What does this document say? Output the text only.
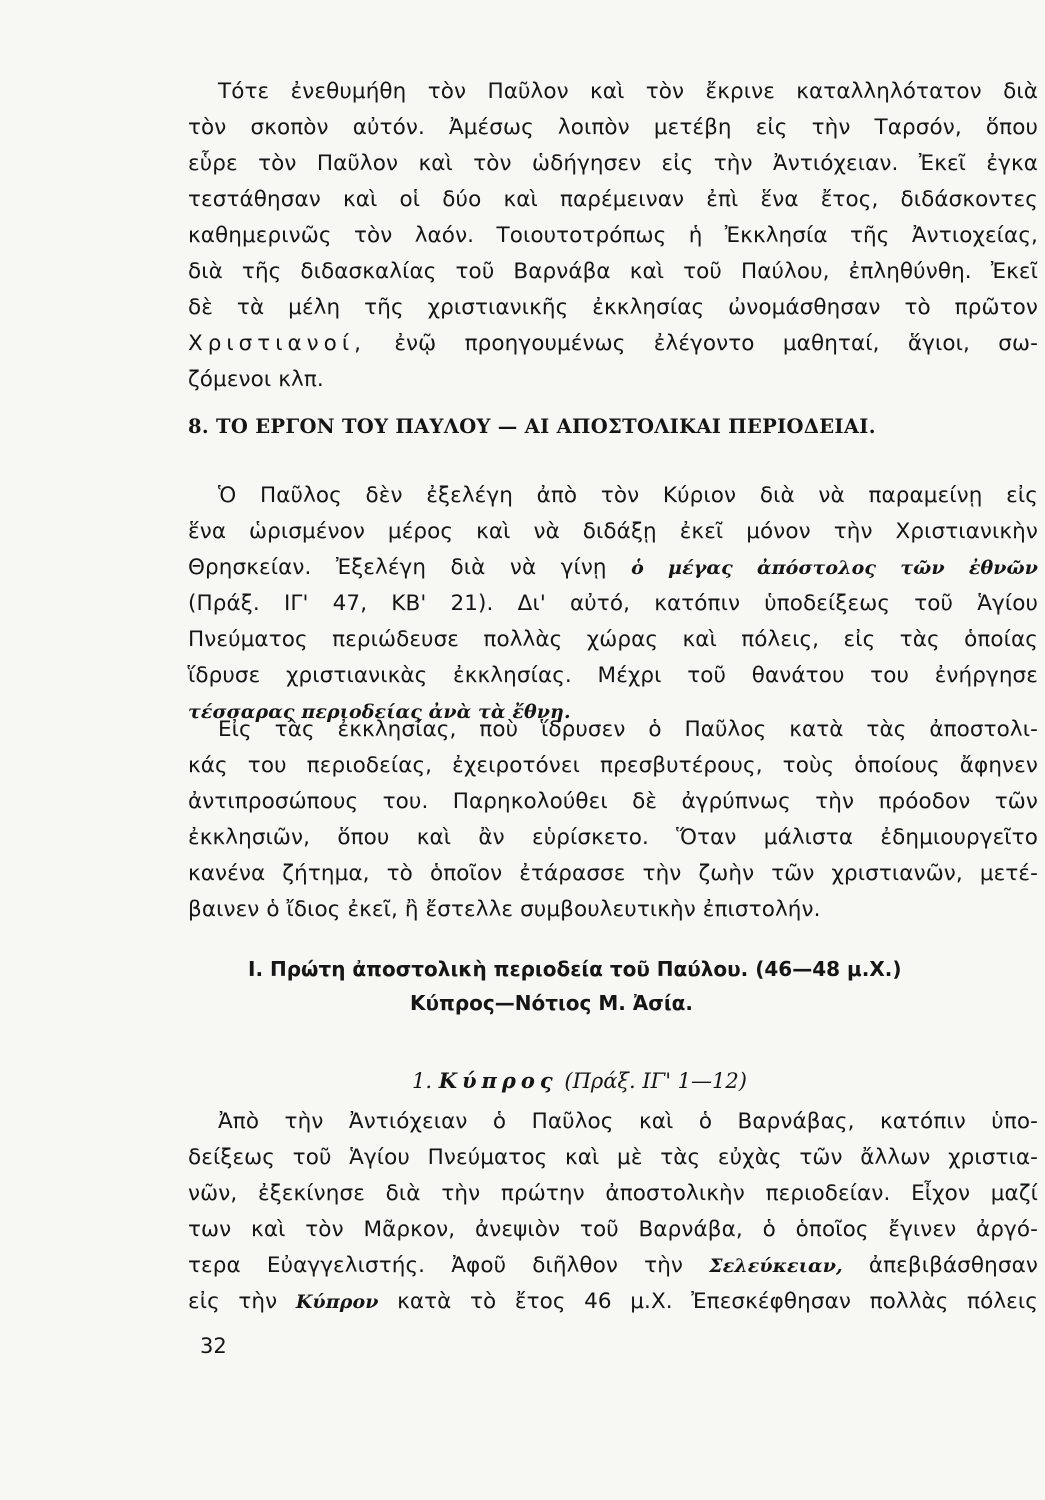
Τότε ἐνεθυμήθη τὸν Παῦλον καὶ τὸν ἔκρινε καταλληλότατον διὰ
τὸν σκοπὸν αὐτόν. Ἀμέσως λοιπὸν μετέβη εἰς τὴν Ταρσόν, ὅπου
εὗρε τὸν Παῦλον καὶ τὸν ὡδήγησεν εἰς τὴν Ἀντιόχειαν. Ἐκεῖ ἐγκα
τεστάθησαν καὶ οἱ δύο καὶ παρέμειναν ἐπὶ ἕνα ἔτος, διδάσκοντες
καθημερινῶς τὸν λαόν. Τοιουτοτρόπως ἡ Ἐκκλησία τῆς Ἀντιοχείας,
διὰ τῆς διδασκαλίας τοῦ Βαρνάβα καὶ τοῦ Παύλου, ἐπληθύνθη. Ἐκεῖ
δὲ τὰ μέλη τῆς χριστιανικῆς ἐκκλησίας ὠνομάσθησαν τὸ πρῶτον
Χριστιανοί, ἐνῷ προηγουμένως ἐλέγοντο μαθηταί, ἅγιοι, σω-
ζόμενοι κλπ.
8. ΤΟ ΕΡΓΟΝ ΤΟΥ ΠΑΥΛΟΥ — ΑΙ ΑΠΟΣΤΟΛΙΚΑΙ ΠΕΡΙΟΔΕΙΑΙ.
Ὁ Παῦλος δὲν ἐξελέγη ἀπὸ τὸν Κύριον διὰ νὰ παραμείνῃ εἰς
ἕνα ὡρισμένον μέρος καὶ νὰ διδάξῃ ἐκεῖ μόνον τὴν Χριστιανικὴν
Θρησκείαν. Ἐξελέγη διὰ νὰ γίνῃ ὁ μέγας ἀπόστολος τῶν ἐθνῶν
(Πράξ. ΙΓ' 47, ΚΒ' 21). Δι' αὐτό, κατόπιν ὑποδείξεως τοῦ Ἁγίου
Πνεύματος περιώδευσε πολλὰς χώρας καὶ πόλεις, εἰς τὰς ὁποίας
ἵδρυσε χριστιανικὰς ἐκκλησίας. Μέχρι τοῦ θανάτου του ἐνήργησε
τέσσαρας περιοδείας ἀνὰ τὰ ἔθνη.
Εἰς τὰς ἐκκλησίας, ποὺ ἵδρυσεν ὁ Παῦλος κατὰ τὰς ἀποστολι-
κάς του περιοδείας, ἐχειροτόνει πρεσβυτέρους, τοὺς ὁποίους ἄφηνεν
ἀντιπροσώπους του. Παρηκολούθει δὲ ἀγρύπνως τὴν πρόοδον τῶν
ἐκκλησιῶν, ὅπου καὶ ἂν εὑρίσκετο. Ὅταν μάλιστα ἐδημιουργεῖτο
κανένα ζήτημα, τὸ ὁποῖον ἐτάρασσε τὴν ζωὴν τῶν χριστιανῶν, μετέ-
βαινεν ὁ ἴδιος ἐκεῖ, ἢ ἔστελλε συμβουλευτικὴν ἐπιστολήν.
Ι. Πρώτη ἀποστολικὴ περιοδεία τοῦ Παύλου. (46—48 μ.Χ.)
Κύπρος—Νότιος Μ. Ἀσία.
1. Κύπρος (Πράξ. ΙΓ' 1—12)
Ἀπὸ τὴν Ἀντιόχειαν ὁ Παῦλος καὶ ὁ Βαρνάβας, κατόπιν ὑπο-
δείξεως τοῦ Ἁγίου Πνεύματος καὶ μὲ τὰς εὐχὰς τῶν ἄλλων χριστια-
νῶν, ἐξεκίνησε διὰ τὴν πρώτην ἀποστολικὴν περιοδείαν. Εἶχον μαζί
των καὶ τὸν Μᾶρκον, ἀνεψιὸν τοῦ Βαρνάβα, ὁ ὁποῖος ἔγινεν ἀργό-
τερα Εὐαγγελιστής. Ἀφοῦ διῆλθον τὴν Σελεύκειαν, ἀπεβιβάσθησαν
εἰς τὴν Κύπρον κατὰ τὸ ἔτος 46 μ.Χ. Ἐπεσκέφθησαν πολλὰς πόλεις
32
